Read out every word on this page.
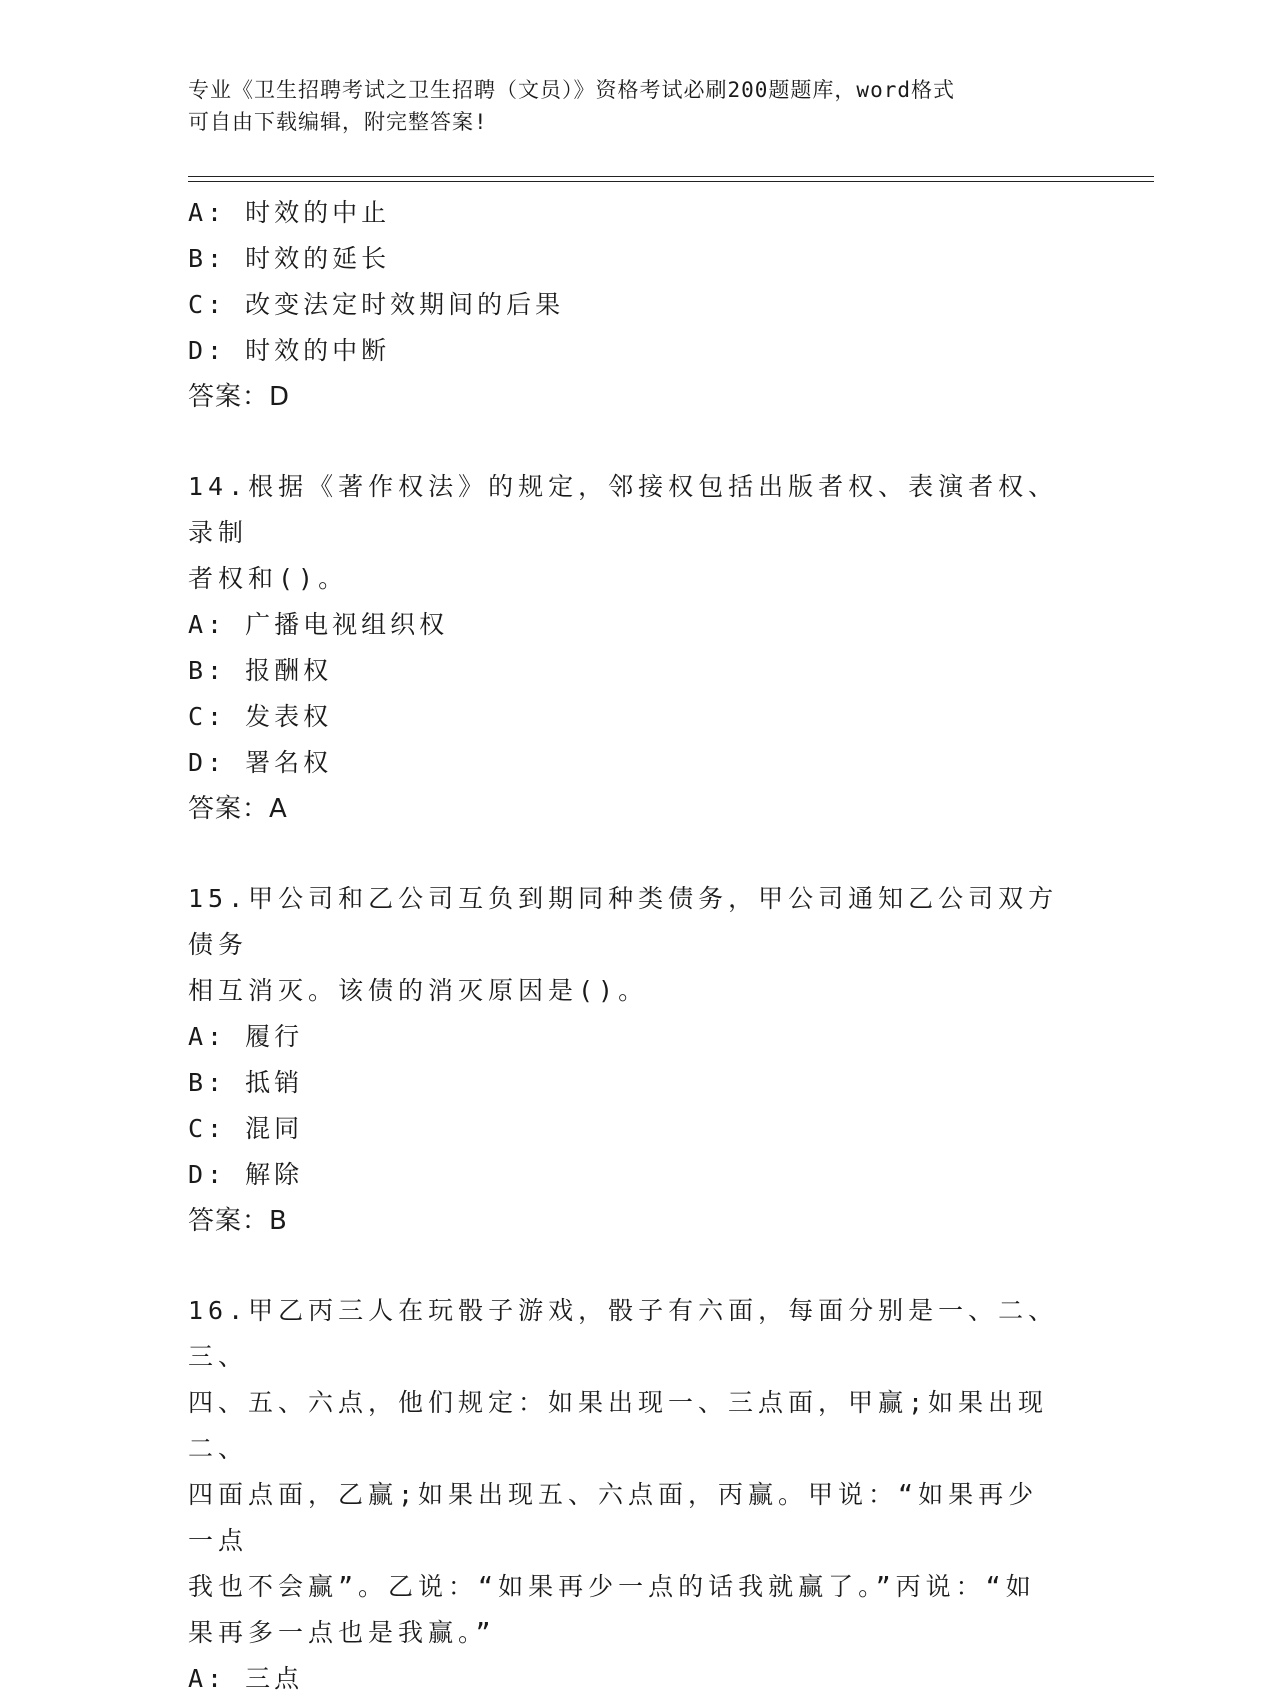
专业《卫生招聘考试之卫生招聘（文员）》资格考试必刷200题题库，word格式
可自由下载编辑，附完整答案!
A: 时效的中止
B: 时效的延长
C: 改变法定时效期间的后果
D: 时效的中断
答案：D
14.根据《著作权法》的规定，邻接权包括出版者权、表演者权、录制
者权和()。
A: 广播电视组织权
B: 报酬权
C: 发表权
D: 署名权
答案：A
15.甲公司和乙公司互负到期同种类债务，甲公司通知乙公司双方债务
相互消灭。该债的消灭原因是()。
A: 履行
B: 抵销
C: 混同
D: 解除
答案：B
16.甲乙丙三人在玩骰子游戏，骰子有六面，每面分别是一、二、三、
四、五、六点，他们规定：如果出现一、三点面，甲赢;如果出现二、
四面点面，乙赢;如果出现五、六点面，丙赢。甲说：“如果再少一点
我也不会赢”。乙说：“如果再少一点的话我就赢了。”丙说：“如
果再多一点也是我赢。”
A: 三点
